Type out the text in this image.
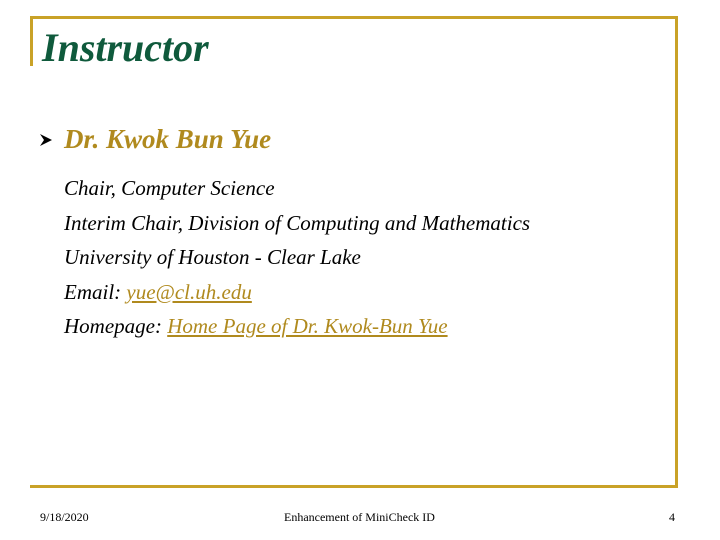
Instructor
Dr. Kwok Bun Yue
Chair, Computer Science
Interim Chair, Division of Computing and Mathematics
University of Houston - Clear Lake
Email: yue@cl.uh.edu
Homepage: Home Page of Dr. Kwok-Bun Yue
9/18/2020	Enhancement of MiniCheck ID	4
